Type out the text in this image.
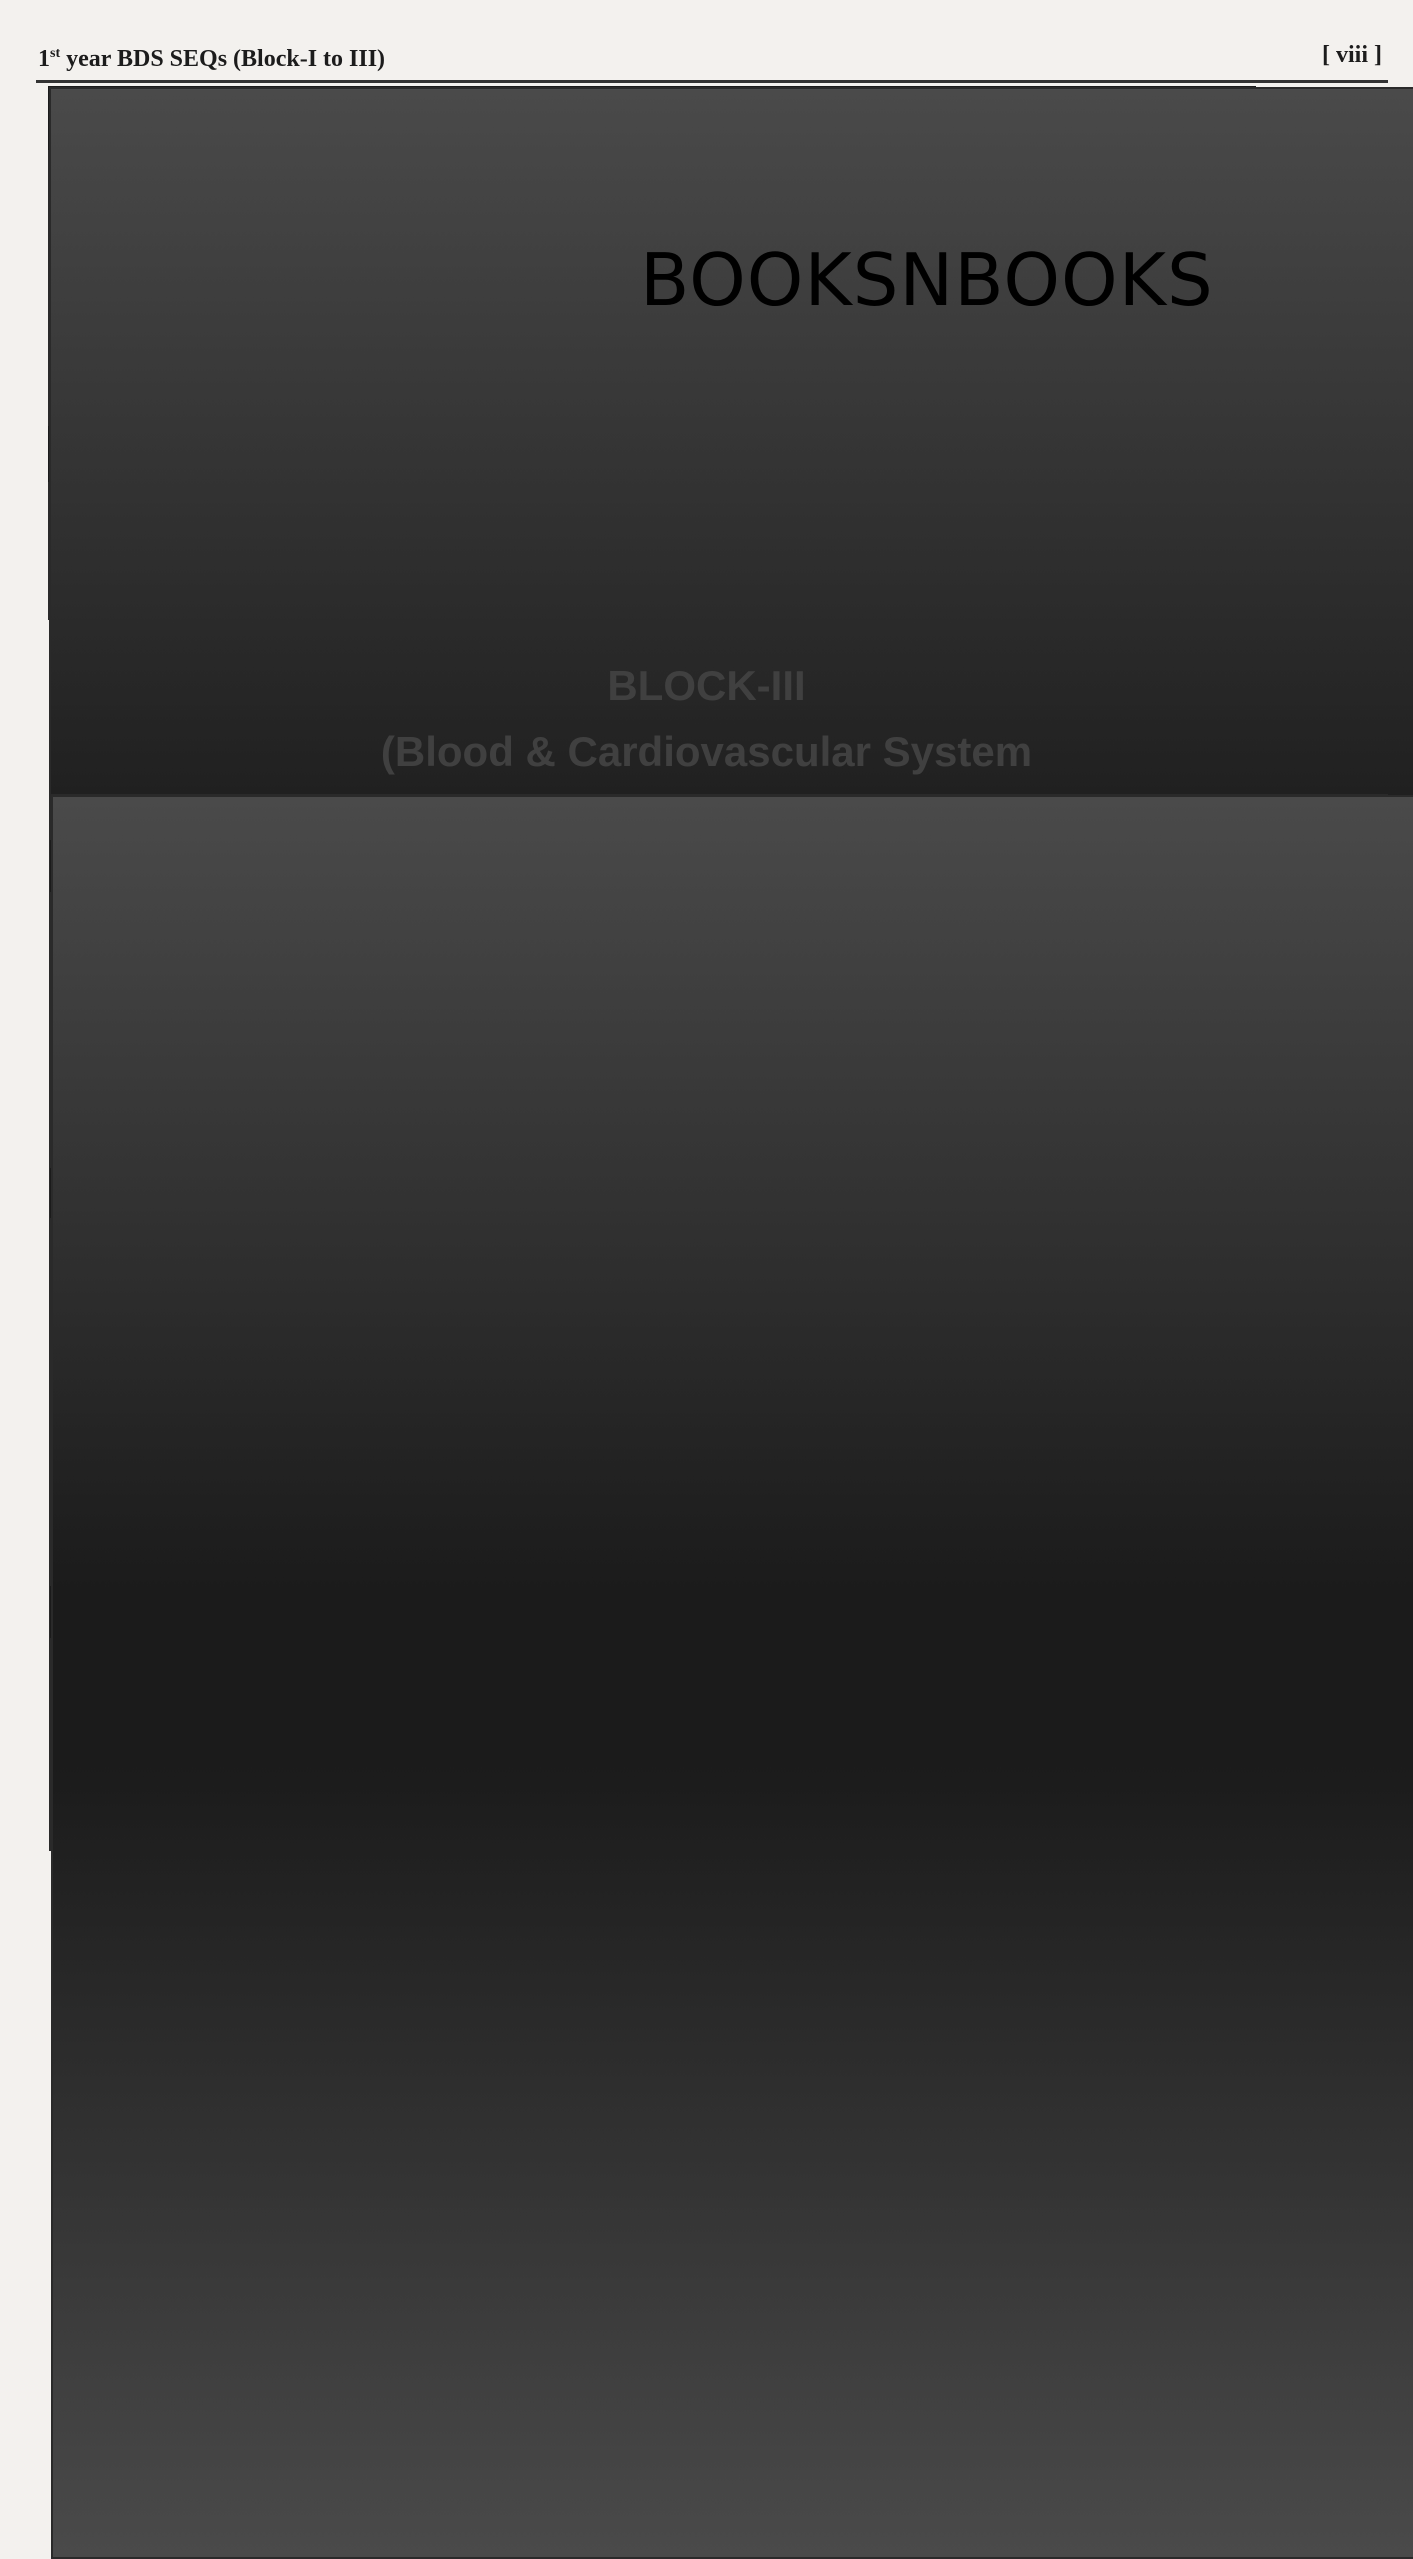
1st year BDS SEQs (Block-I to III)	[ viii ]

BOOKSNBOOKS
BLOCK-III
(Blood & Cardiovascular System
